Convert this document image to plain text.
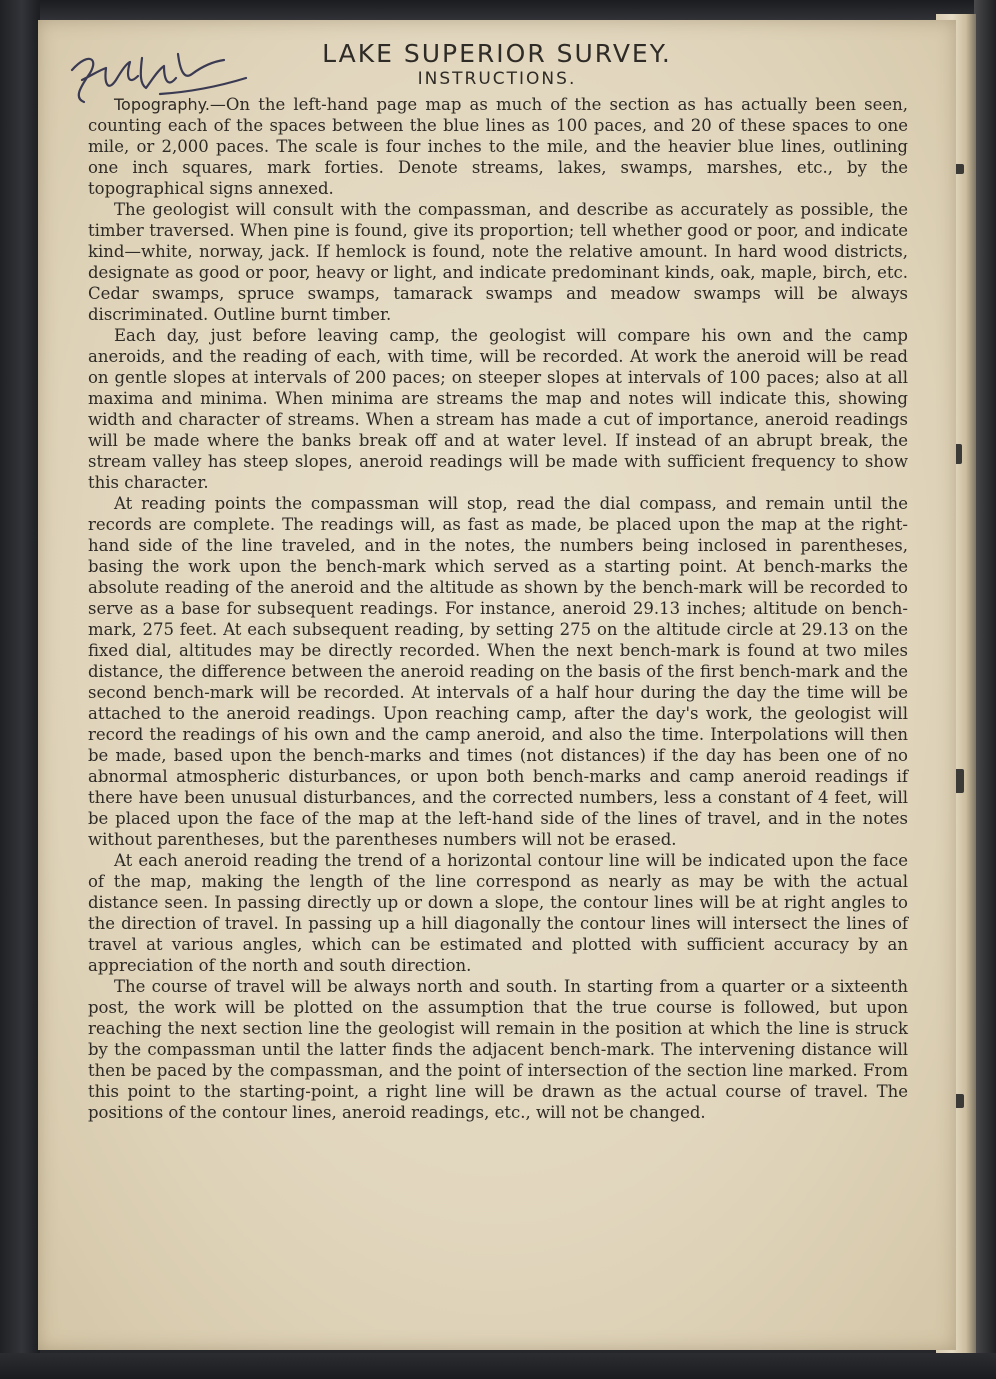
LAKE SUPERIOR SURVEY.
INSTRUCTIONS.

Topography.—On the left-hand page map as much of the section as has actually been seen, counting each of the spaces between the blue lines as 100 paces, and 20 of these spaces to one mile, or 2,000 paces. The scale is four inches to the mile, and the heavier blue lines, outlining one inch squares, mark forties. Denote streams, lakes, swamps, marshes, etc., by the topographical signs annexed.

The geologist will consult with the compassman, and describe as accurately as possible, the timber traversed. When pine is found, give its proportion; tell whether good or poor, and indicate kind—white, norway, jack. If hemlock is found, note the relative amount. In hard wood districts, designate as good or poor, heavy or light, and indicate predominant kinds, oak, maple, birch, etc. Cedar swamps, spruce swamps, tamarack swamps and meadow swamps will be always discriminated. Outline burnt timber.

Each day, just before leaving camp, the geologist will compare his own and the camp aneroids, and the reading of each, with time, will be recorded. At work the aneroid will be read on gentle slopes at intervals of 200 paces; on steeper slopes at intervals of 100 paces; also at all maxima and minima. When minima are streams the map and notes will indicate this, showing width and character of streams. When a stream has made a cut of importance, aneroid readings will be made where the banks break off and at water level. If instead of an abrupt break, the stream valley has steep slopes, aneroid readings will be made with sufficient frequency to show this character.

At reading points the compassman will stop, read the dial compass, and remain until the records are complete. The readings will, as fast as made, be placed upon the map at the right-hand side of the line traveled, and in the notes, the numbers being inclosed in parentheses, basing the work upon the bench-mark which served as a starting point. At bench-marks the absolute reading of the aneroid and the altitude as shown by the bench-mark will be recorded to serve as a base for subsequent readings. For instance, aneroid 29.13 inches; altitude on bench- mark, 275 feet. At each subsequent reading, by setting 275 on the altitude circle at 29.13 on the fixed dial, altitudes may be directly recorded. When the next bench-mark is found at two miles distance, the difference between the aneroid reading on the basis of the first bench-mark and the second bench-mark will be recorded. At intervals of a half hour during the day the time will be attached to the aneroid readings. Upon reaching camp, after the day's work, the geologist will record the readings of his own and the camp aneroid, and also the time. Interpolations will then be made, based upon the bench-marks and times (not distances) if the day has been one of no abnormal atmospheric disturbances, or upon both bench-marks and camp aneroid readings if there have been unusual disturbances, and the corrected numbers, less a constant of 4 feet, will be placed upon the face of the map at the left-hand side of the lines of travel, and in the notes without parentheses, but the parentheses numbers will not be erased.

At each aneroid reading the trend of a horizontal contour line will be indicated upon the face of the map, making the length of the line correspond as nearly as may be with the actual distance seen. In passing directly up or down a slope, the contour lines will be at right angles to the direction of travel. In passing up a hill diagonally the contour lines will intersect the lines of travel at various angles, which can be estimated and plotted with sufficient accuracy by an appreciation of the north and south direction.

The course of travel will be always north and south. In starting from a quarter or a sixteenth post, the work will be plotted on the assumption that the true course is followed, but upon reaching the next section line the geologist will remain in the position at which the line is struck by the compassman until the latter finds the adjacent bench-mark. The intervening distance will then be paced by the compassman, and the point of intersection of the section line marked. From this point to the starting-point, a right line will be drawn as the actual course of travel. The positions of the contour lines, aneroid readings, etc., will not be changed.
